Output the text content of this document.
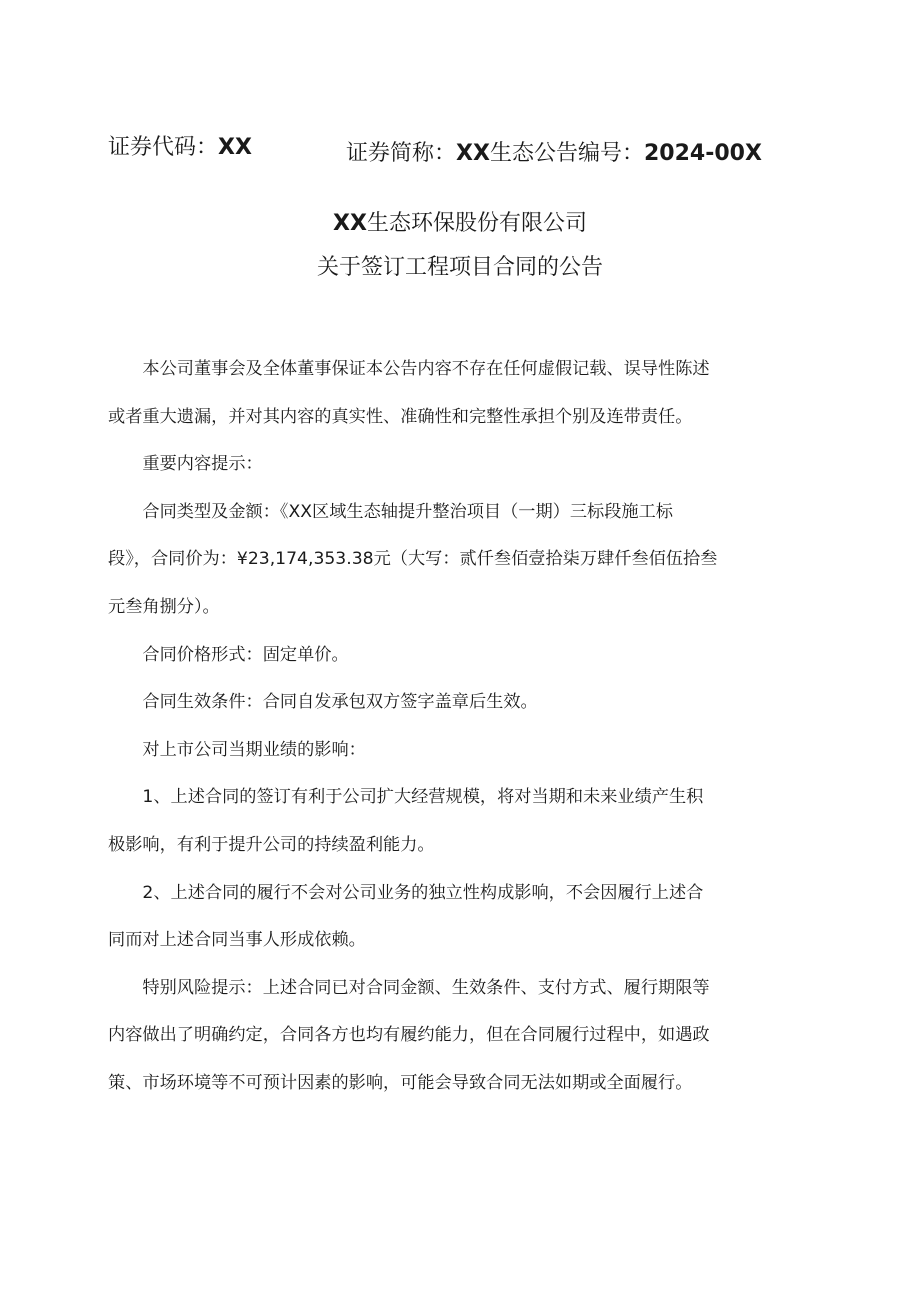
证券代码：XX	证券简称：XX生态公告编号：2024-00X
XX生态环保股份有限公司
关于签订工程项目合同的公告
本公司董事会及全体董事保证本公告内容不存在任何虚假记载、误导性陈述
或者重大遗漏，并对其内容的真实性、准确性和完整性承担个别及连带责任。
重要内容提示：
合同类型及金额：《XX区域生态轴提升整治项目（一期）三标段施工标
段》，合同价为：¥23,174,353.38元（大写：贰仟叁佰壹拾柒万肆仟叁佰伍拾叁
元叁角捌分）。
合同价格形式：固定单价。
合同生效条件：合同自发承包双方签字盖章后生效。
对上市公司当期业绩的影响：
1、上述合同的签订有利于公司扩大经营规模，将对当期和未来业绩产生积
极影响，有利于提升公司的持续盈利能力。
2、上述合同的履行不会对公司业务的独立性构成影响，不会因履行上述合
同而对上述合同当事人形成依赖。
特别风险提示：上述合同已对合同金额、生效条件、支付方式、履行期限等
内容做出了明确约定，合同各方也均有履约能力，但在合同履行过程中，如遇政
策、市场环境等不可预计因素的影响，可能会导致合同无法如期或全面履行。
